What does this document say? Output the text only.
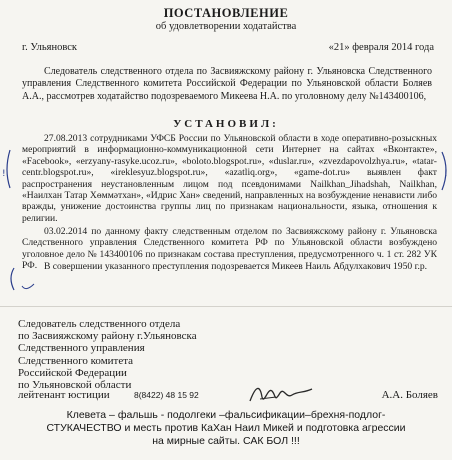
ПОСТАНОВЛЕНИЕ
об удовлетворении ходатайства
г. Ульяновск	«21» февраля 2014 года
Следователь следственного отдела по Засвияжскому району г. Ульяновска Следственного управления Следственного комитета Российской Федерации по Ульяновской области Боляев А.А., рассмотрев ходатайство подозреваемого Микеева Н.А. по уголовному делу №143400106,
УСТАНОВИЛ:
27.08.2013 сотрудниками УФСБ России по Ульяновской области в ходе оперативно-розыскных мероприятий в информационно-коммуникационной сети Интернет на сайтах «Вконтакте», «Facebook», «erzyany-rasyke.ucoz.ru», «boloto.blogspot.ru», «duslar.ru», «zvezdapovolzhya.ru», «tatar-centr.blogspot.ru», «ireklesyuz.blogspot.ru», «azatliq.org», «game-dot.ru» выявлен факт распространения неустановленным лицом под псевдонимами Nailkhan_Jihadshah, Nailkhan, «Наилхан Татар Хөммәтхан», «Идрис Хан» сведений, направленных на возбуждение ненависти либо вражды, унижение достоинства группы лиц по признакам национальности, языка, отношения к религии.
03.02.2014 по данному факту следственным отделом по Засвияжскому району г. Ульяновска Следственного управления Следственного комитета РФ по Ульяновской области возбуждено уголовное дело № 143400106 по признакам состава преступления, предусмотренного ч. 1 ст. 282 УК РФ. В совершении указанного преступления подозревается Микеев Наиль Абдулхакович 1950 г.р.
Следователь следственного отдела
по Засвияжскому району г.Ульяновска
Следственного управления
Следственного комитета
Российской Федерации
по Ульяновской области
лейтенант юстиции	8(8422) 48 15 92	А.А. Боляев
Клевета – фальшь - подолгеки –фальсификации–брехня-подлог-
СТУКАЧЕСТВО и месть против КаХан Наил Микей и подготовка агрессии
на мирные сайты. САК БОЛ !!!
!	!
